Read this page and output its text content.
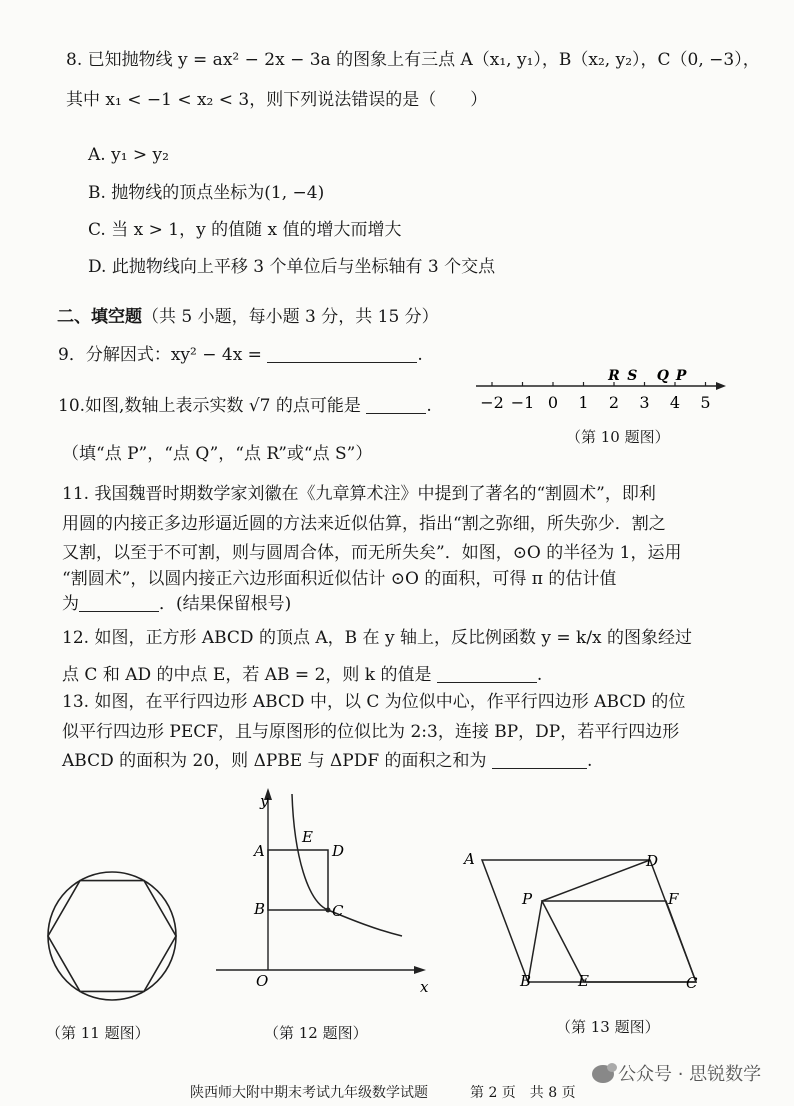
8. 已知抛物线 y = ax² − 2x − 3a 的图象上有三点 A（x₁, y₁），B（x₂, y₂），C（0, −3），
其中 x₁ < −1 < x₂ < 3，则下列说法错误的是（　　）
A. y₁ > y₂
B. 抛物线的顶点坐标为(1, −4)
C. 当 x > 1，y 的值随 x 值的增大而增大
D. 此抛物线向上平移 3 个单位后与坐标轴有 3 个交点
二、填空题（共 5 小题，每小题 3 分，共 15 分）
9．分解因式：xy² − 4x =	.
10.如图,数轴上表示实数 √7 的点可能是	.
（填“点 P”，“点 Q”，“点 R”或“点 S”）
−2 −1 0 1 2 3 4 5
R S Q P
（第 10 题图）
11. 我国魏晋时期数学家刘徽在《九章算术注》中提到了著名的“割圆术”，即利
用圆的内接正多边形逼近圆的方法来近似估算，指出“割之弥细，所失弥少．割之
又割，以至于不可割，则与圆周合体，而无所失矣”．如图，⊙O 的半径为 1，运用
“割圆术”，以圆内接正六边形面积近似估计 ⊙O 的面积，可得 π 的估计值
为	．(结果保留根号)
12. 如图，正方形 ABCD 的顶点 A，B 在 y 轴上，反比例函数 y = k/x 的图象经过
点 C 和 AD 的中点 E，若 AB = 2，则 k 的值是	.
13. 如图，在平行四边形 ABCD 中，以 C 为位似中心，作平行四边形 ABCD 的位
似平行四边形 PECF，且与原图形的位似比为 2:3，连接 BP，DP，若平行四边形
ABCD 的面积为 20，则 ΔPBE 与 ΔPDF 的面积之和为	.
（第 11 题图）
y
x
O
A
B	C
D
E
（第 12 题图）
A	D
P	F
B	E	C
（第 13 题图）
公众号 · 思锐数学
陕西师大附中期末考试九年级数学试题	第 2 页　共 8 页
